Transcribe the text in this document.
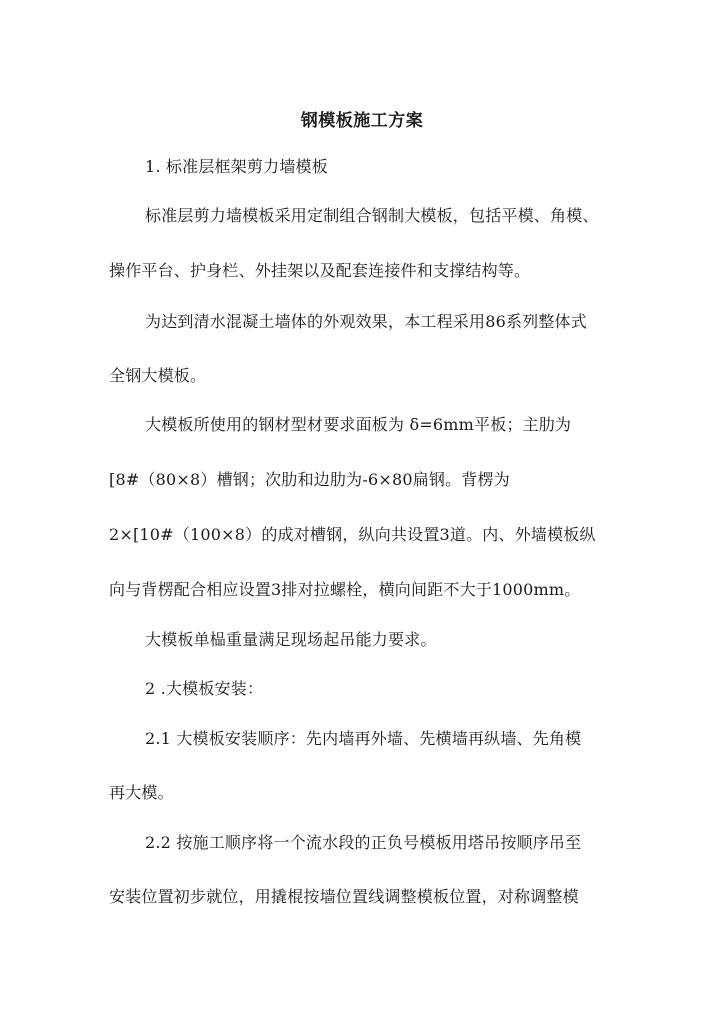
钢模板施工方案
1. 标准层框架剪力墙模板
标准层剪力墙模板采用定制组合钢制大模板，包括平模、角模、
操作平台、护身栏、外挂架以及配套连接件和支撑结构等。
为达到清水混凝土墙体的外观效果，本工程采用86系列整体式
全钢大模板。
大模板所使用的钢材型材要求面板为 δ=6mm平板；主肋为
[8#（80×8）槽钢；次肋和边肋为-6×80扁钢。背楞为
2×[10#（100×8）的成对槽钢，纵向共设置3道。内、外墙模板纵
向与背楞配合相应设置3排对拉螺栓，横向间距不大于1000mm。
大模板单榀重量满足现场起吊能力要求。
2 .大模板安装：
2.1 大模板安装顺序：先内墙再外墙、先横墙再纵墙、先角模
再大模。
2.2 按施工顺序将一个流水段的正负号模板用塔吊按顺序吊至
安装位置初步就位，用撬棍按墙位置线调整模板位置，对称调整模
